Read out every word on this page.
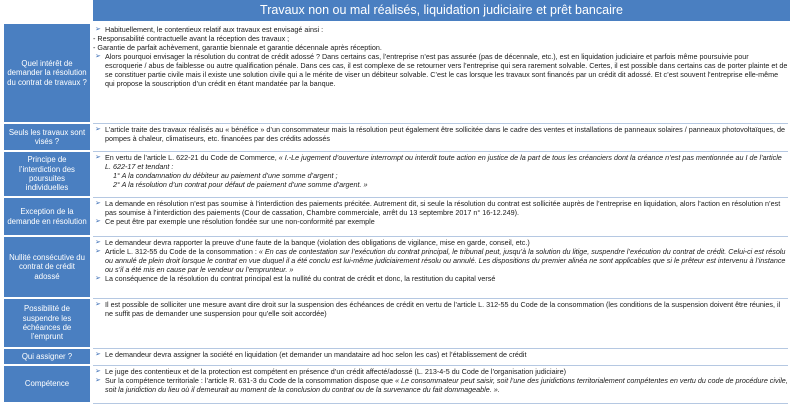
Travaux non ou mal réalisés, liquidation judiciaire et prêt bancaire
Quel intérêt de demander la résolution du contrat de travaux ?
➢ Habituellement, le contentieux relatif aux travaux est envisagé ainsi :
- Responsabilité contractuelle avant la réception des travaux ;
- Garantie de parfait achèvement, garantie biennale et garantie décennale après réception.
➢ Alors pourquoi envisager la résolution du contrat de crédit adossé ? Dans certains cas, l’entreprise n’est pas assurée (pas de décennale, etc.), est en liquidation judiciaire et parfois même poursuivie pour escroquerie / abus de faiblesse ou autre qualification pénale. Dans ces cas, il est complexe de se retourner vers l’entreprise qui sera rarement solvable. Certes, il est possible dans certains cas de porter plainte et de se constituer partie civile mais il existe une solution civile qui a le mérite de viser un débiteur solvable. C’est le cas lorsque les travaux sont financés par un crédit dit adossé. Et c’est souvent l’entreprise elle-même qui propose la souscription d’un crédit en étant mandatée par la banque.
Seuls les travaux sont visés ?
➢ L’article traite des travaux réalisés au « bénéfice » d’un consommateur mais la résolution peut également être sollicitée dans le cadre des ventes et installations de panneaux solaires / panneaux photovoltaïques, de pompes à chaleur, climatiseurs, etc. financées par des crédits adossés
Principe de l’interdiction des poursuites individuelles
➢ En vertu de l’article L. 622-21 du Code de Commerce, « I.-Le jugement d’ouverture interrompt ou interdit toute action en justice de la part de tous les créanciers dont la créance n’est pas mentionnée au I de l’article L. 622-17 et tendant :
1° A la condamnation du débiteur au paiement d’une somme d’argent ;
2° A la résolution d’un contrat pour défaut de paiement d’une somme d’argent. »
Exception de la demande en résolution
➢ La demande en résolution n’est pas soumise à l’interdiction des paiements précitée. Autrement dit, si seule la résolution du contrat est sollicitée auprès de l’entreprise en liquidation, alors l’action en résolution n’est pas soumise à l’interdiction des paiements (Cour de cassation, Chambre commerciale, arrêt du 13 septembre 2017 n° 16-12.249).
➢ Ce peut être par exemple une résolution fondée sur une non-conformité par exemple
Nullité consécutive du contrat de crédit adossé
➢ Le demandeur devra rapporter la preuve d’une faute de la banque (violation des obligations de vigilance, mise en garde, conseil, etc.)
➢ Article L. 312-55 du Code de la consommation : « En cas de contestation sur l’exécution du contrat principal, le tribunal peut, jusqu’à la solution du litige, suspendre l’exécution du contrat de crédit. Celui-ci est résolu ou annulé de plein droit lorsque le contrat en vue duquel il a été conclu est lui-même judiciairement résolu ou annulé. Les dispositions du premier alinéa ne sont applicables que si le prêteur est intervenu à l’instance ou s’il a été mis en cause par le vendeur ou l’emprunteur. »
➢ La conséquence de la résolution du contrat principal est la nullité du contrat de crédit et donc, la restitution du capital versé
Possibilité de suspendre les échéances de l’emprunt
➢ Il est possible de solliciter une mesure avant dire droit sur la suspension des échéances de crédit en vertu de l’article L. 312-55 du Code de la consommation (les conditions de la suspension doivent être réunies, il ne suffit pas de demander une suspension pour qu’elle soit accordée)
Qui assigner ?	➢ Le demandeur devra assigner la société en liquidation (et demander un mandataire ad hoc selon les cas) et l’établissement de crédit
Compétence
➢ Le juge des contentieux et de la protection est compétent en présence d’un crédit affecté/adossé (L. 213-4-5 du Code de l’organisation judiciaire)
➢ Sur la compétence territoriale : l’article R. 631-3 du Code de la consommation dispose que « Le consommateur peut saisir, soit l’une des juridictions territorialement compétentes en vertu du code de procédure civile, soit la juridiction du lieu où il demeurait au moment de la conclusion du contrat ou de la survenance du fait dommageable. ».
